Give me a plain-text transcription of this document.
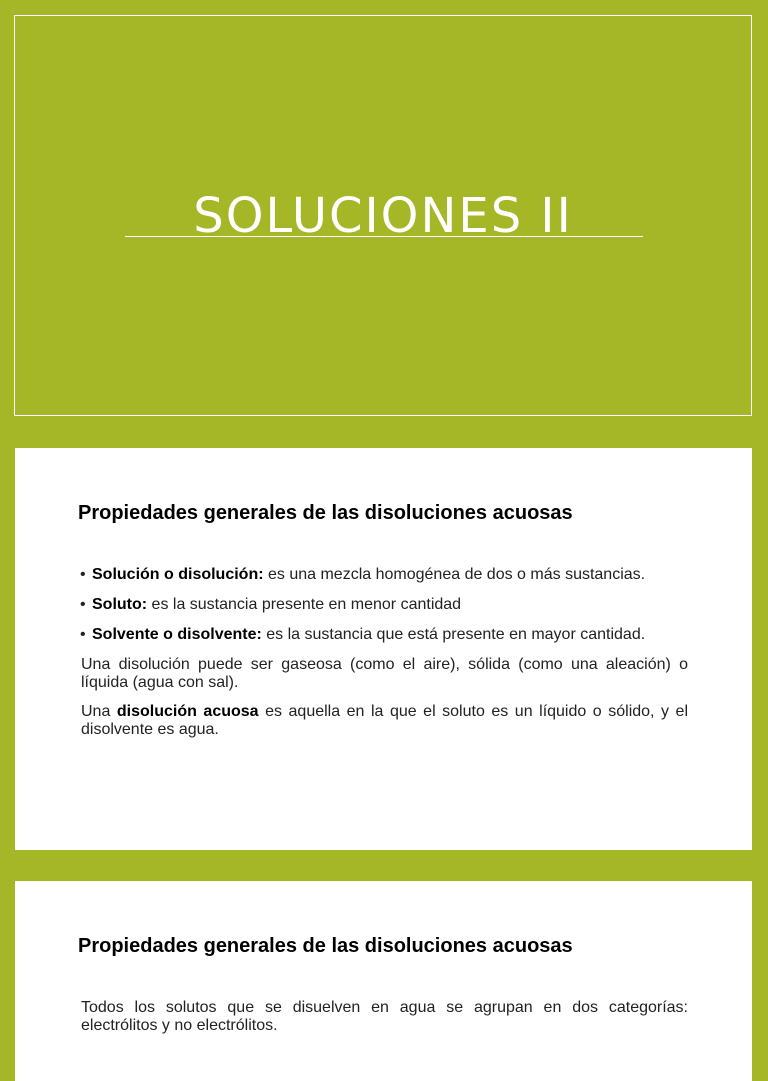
SOLUCIONES II
Propiedades generales de las disoluciones acuosas
• Solución o disolución: es una mezcla homogénea de dos o más sustancias.
• Soluto: es la sustancia presente en menor cantidad
• Solvente o disolvente: es la sustancia que está presente en mayor cantidad.
Una disolución puede ser gaseosa (como el aire), sólida (como una aleación) o líquida (agua con sal).
Una disolución acuosa es aquella en la que el soluto es un líquido o sólido, y el disolvente es agua.
Propiedades generales de las disoluciones acuosas
Todos los solutos que se disuelven en agua se agrupan en dos categorías: electrólitos y no electrólitos.
